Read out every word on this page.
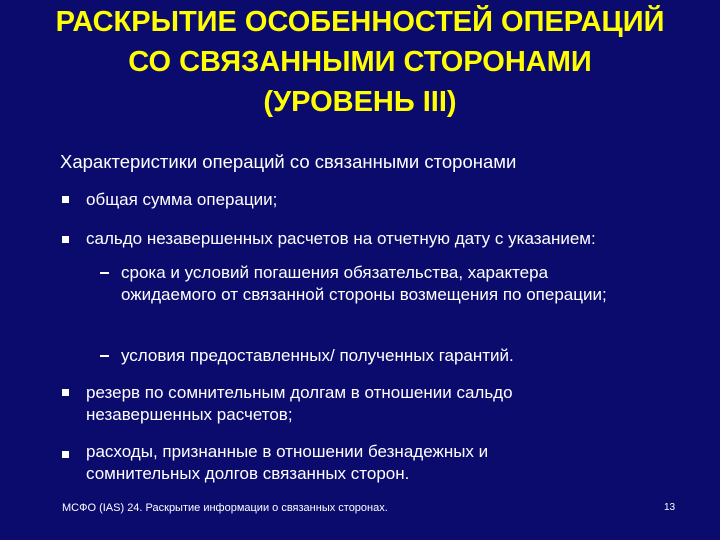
РАСКРЫТИЕ ОСОБЕННОСТЕЙ ОПЕРАЦИЙ
СО СВЯЗАННЫМИ СТОРОНАМИ
(УРОВЕНЬ III)
Характеристики операций со связанными сторонами
общая сумма операции;
сальдо незавершенных расчетов на отчетную дату с указанием:
срока и условий погашения обязательства, характера ожидаемого от связанной стороны возмещения по операции;
условия предоставленных/ полученных гарантий.
резерв по сомнительным долгам в отношении сальдо незавершенных расчетов;
расходы, признанные в отношении безнадежных и сомнительных долгов связанных сторон.
МСФО (IAS) 24. Раскрытие информации о связанных сторонах.	13
